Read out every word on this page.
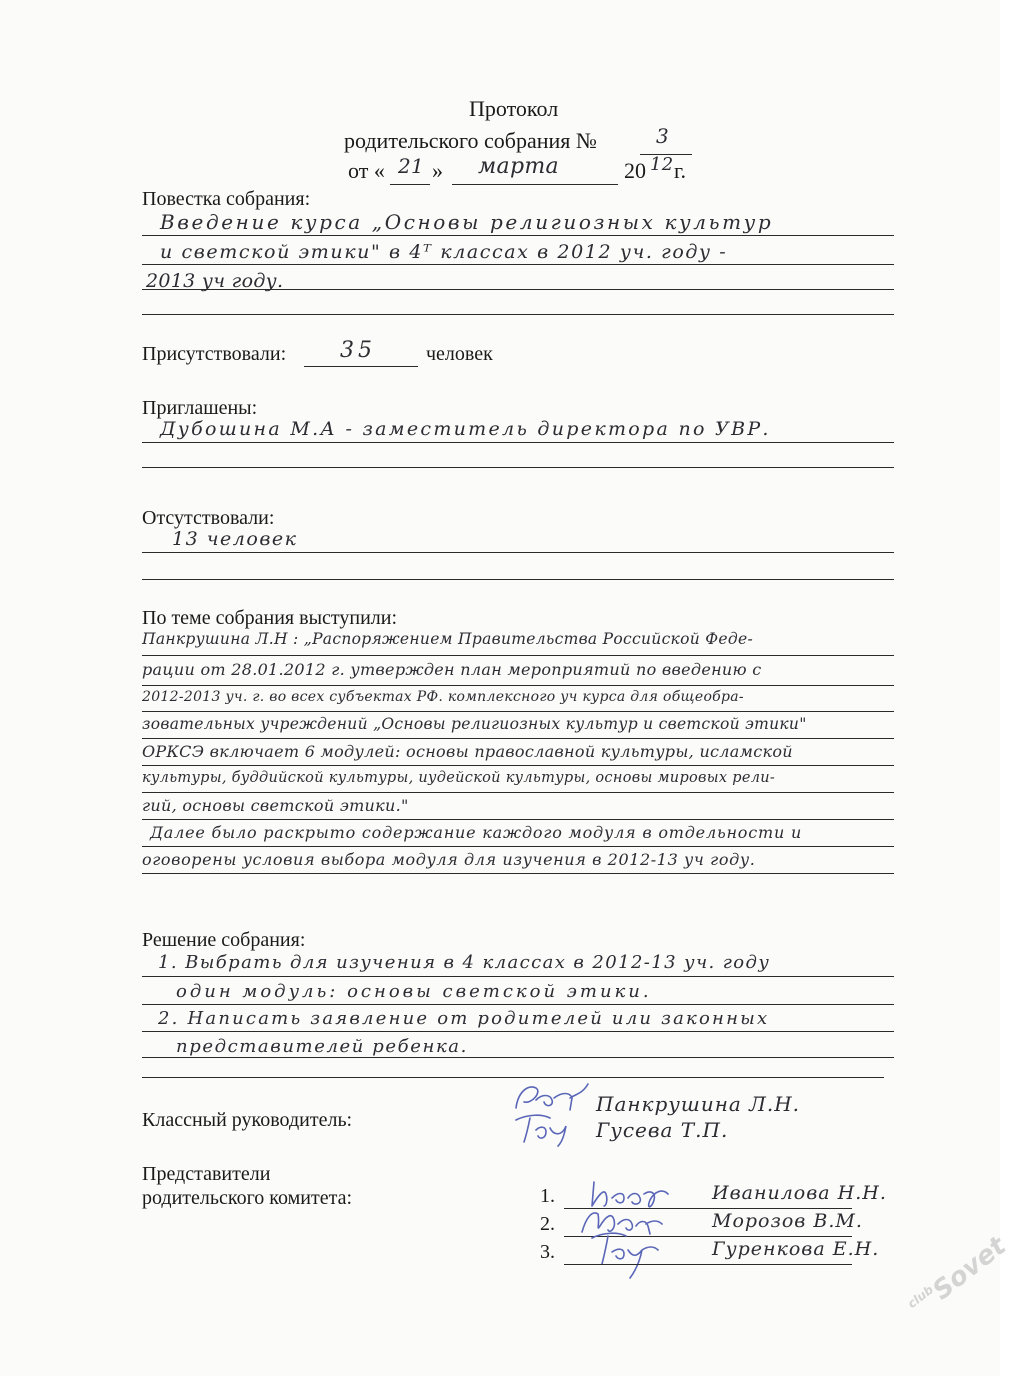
Протокол
родительского собрания №	3
от « 21 » марта	20 12 г.
Повестка собрания:
Введение курса „Основы религиозных культур
и светской этики" в 4ᵀ классах в 2012 уч. году -
2013 уч году.
Присутствовали: 35	человек
Приглашены:
Дубошина М.А - заместитель директора по УВР.
Отсутствовали:
13 человек
По теме собрания выступили:
Панкрушина Л.Н : „Распоряжением Правительства Российской Феде-
рации от 28.01.2012 г. утвержден план мероприятий по введению с
2012-2013 уч. г. во всех субъектах РФ. комплексного уч курса для общеобра-
зовательных учреждений „Основы религиозных культур и светской этики"
ОРКСЭ включает 6 модулей: основы православной культуры, исламской
культуры, буддийской культуры, иудейской культуры, основы мировых рели-
гий, основы светской этики."
Далее было раскрыто содержание каждого модуля в отдельности и
оговорены условия выбора модуля для изучения в 2012-13 уч году.
Решение собрания:
1. Выбрать для изучения в 4 классах в 2012-13 уч. году
один модуль: основы светской этики.
2. Написать заявление от родителей или законных
представителей ребенка.
Классный руководитель:
Панкрушина Л.Н.
Гусева Т.П.
Представители
родительского комитета:	1.	Иван	Иванилова Н.Н.
2.	Мор	Морозов В.М.
3.	Гур	Гуренкова Е.Н.
$^{club}$Sovet
